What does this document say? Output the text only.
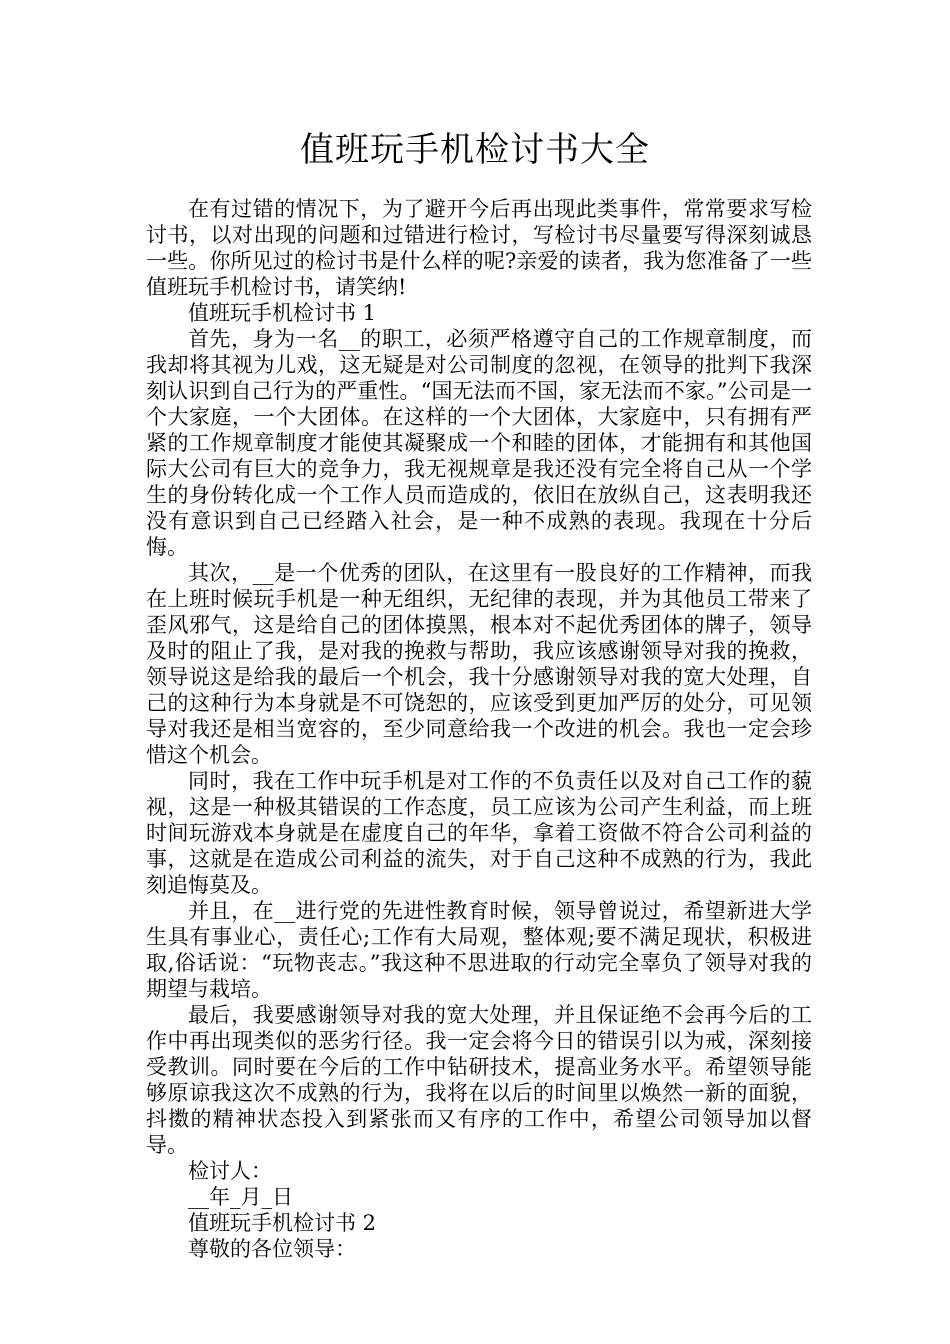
值班玩手机检讨书大全

在有过错的情况下，为了避开今后再出现此类事件，常常要求写检讨书，以对出现的问题和过错进行检讨，写检讨书尽量要写得深刻诚恳一些。你所见过的检讨书是什么样的呢?亲爱的读者，我为您准备了一些值班玩手机检讨书，请笑纳!

值班玩手机检讨书 1

首先，身为一名__的职工，必须严格遵守自己的工作规章制度，而我却将其视为儿戏，这无疑是对公司制度的忽视，在领导的批判下我深刻认识到自己行为的严重性。“国无法而不国，家无法而不家。”公司是一个大家庭，一个大团体。在这样的一个大团体，大家庭中，只有拥有严紧的工作规章制度才能使其凝聚成一个和睦的团体，才能拥有和其他国际大公司有巨大的竞争力，我无视规章是我还没有完全将自己从一个学生的身份转化成一个工作人员而造成的，依旧在放纵自己，这表明我还没有意识到自己已经踏入社会，是一种不成熟的表现。我现在十分后悔。

其次，__是一个优秀的团队，在这里有一股良好的工作精神，而我在上班时候玩手机是一种无组织，无纪律的表现，并为其他员工带来了歪风邪气，这是给自己的团体摸黑，根本对不起优秀团体的牌子，领导及时的阻止了我，是对我的挽救与帮助，我应该感谢领导对我的挽救，领导说这是给我的最后一个机会，我十分感谢领导对我的宽大处理，自己的这种行为本身就是不可饶恕的，应该受到更加严厉的处分，可见领导对我还是相当宽容的，至少同意给我一个改进的机会。我也一定会珍惜这个机会。

同时，我在工作中玩手机是对工作的不负责任以及对自己工作的藐视，这是一种极其错误的工作态度，员工应该为公司产生利益，而上班时间玩游戏本身就是在虚度自己的年华，拿着工资做不符合公司利益的事，这就是在造成公司利益的流失，对于自己这种不成熟的行为，我此刻追悔莫及。

并且，在__进行党的先进性教育时候，领导曾说过，希望新进大学生具有事业心，责任心;工作有大局观，整体观;要不满足现状，积极进取,俗话说：“玩物丧志。”我这种不思进取的行动完全辜负了领导对我的期望与栽培。

最后，我要感谢领导对我的宽大处理，并且保证绝不会再今后的工作中再出现类似的恶劣行径。我一定会将今日的错误引以为戒，深刻接受教训。同时要在今后的工作中钻研技术，提高业务水平。希望领导能够原谅我这次不成熟的行为，我将在以后的时间里以焕然一新的面貌，抖擞的精神状态投入到紧张而又有序的工作中，希望公司领导加以督导。

检讨人：

__年_月_日

值班玩手机检讨书 2

尊敬的各位领导：
